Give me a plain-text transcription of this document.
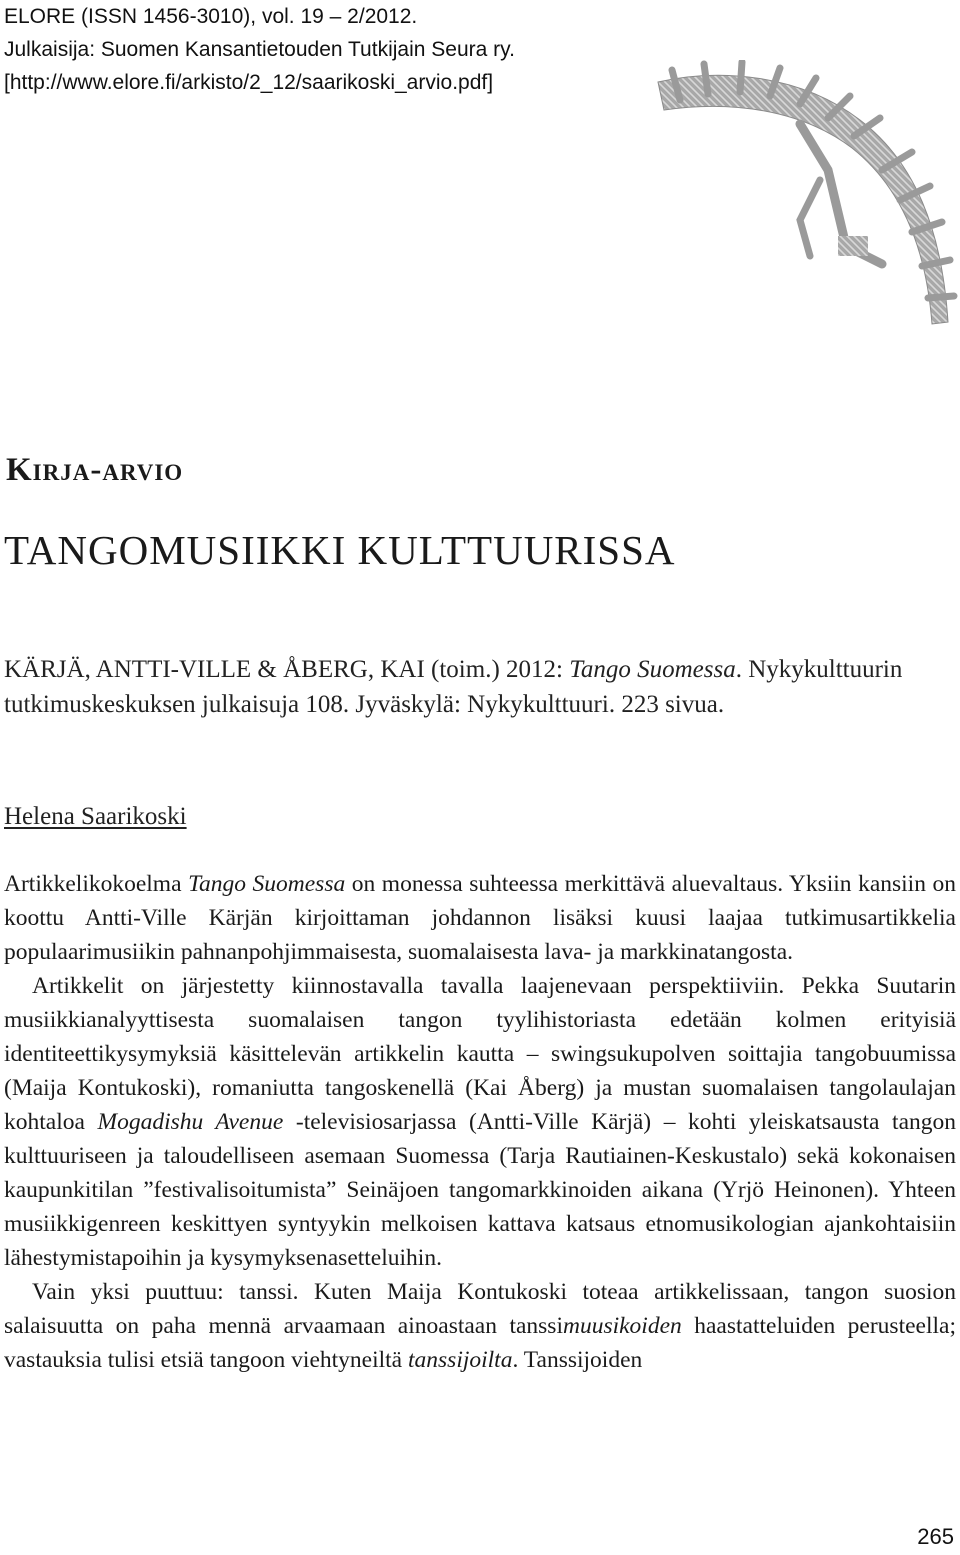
ELORE (ISSN 1456-3010), vol. 19 – 2/2012.
Julkaisija: Suomen Kansantietouden Tutkijain Seura ry.
[http://www.elore.fi/arkisto/2_12/saarikoski_arvio.pdf]
Kirja-arvio
TANGOMUSIIKKI KULTTUURISSA
KÄRJÄ, ANTTI-VILLE & ÅBERG, KAI (toim.) 2012: Tango Suomessa. Nykykulttuurin tutkimuskeskuksen julkaisuja 108. Jyväskylä: Nykykulttuuri. 223 sivua.
Helena Saarikoski

Artikkelikokoelma Tango Suomessa on monessa suhteessa merkittävä aluevaltaus. Yksiin kansiin on koottu Antti-Ville Kärjän kirjoittaman johdannon lisäksi kuusi laajaa tutkimusartikkelia populaarimusiikin pahnanpohjimmaisesta, suomalaisesta lava- ja markkinatangosta.

Artikkelit on järjestetty kiinnostavalla tavalla laajenevaan perspektiiviin. Pekka Suutarin musiikkianalyyttisesta suomalaisen tangon tyylihistoriasta edetään kolmen erityisiä identiteettikysymyksiä käsittelevän artikkelin kautta – swingsukupolven soittajia tangobuumissa (Maija Kontukoski), romaniutta tangoskenellä (Kai Åberg) ja mustan suomalaisen tangolaulajan kohtaloa Mogadishu Avenue -televisiosarjassa (Antti-Ville Kärjä) – kohti yleiskatsausta tangon kulttuuriseen ja taloudelliseen asemaan Suomessa (Tarja Rautiainen-Keskustalo) sekä kokonaisen kaupunkitilan ”festivalisoitumista” Seinäjoen tangomarkkinoiden aikana (Yrjö Heinonen). Yhteen musiikkigenreen keskittyen syntyykin melkoisen kattava katsaus etnomusikologian ajankohtaisiin lähestymistapoihin ja kysymyksenasetteluihin.

Vain yksi puuttuu: tanssi. Kuten Maija Kontukoski toteaa artikkelissaan, tangon suosion salaisuutta on paha mennä arvaamaan ainoastaan tanssimuusikoiden haastatteluiden perusteella; vastauksia tulisi etsiä tangoon viehtyneiltä tanssijoilta. Tanssijoiden

265
